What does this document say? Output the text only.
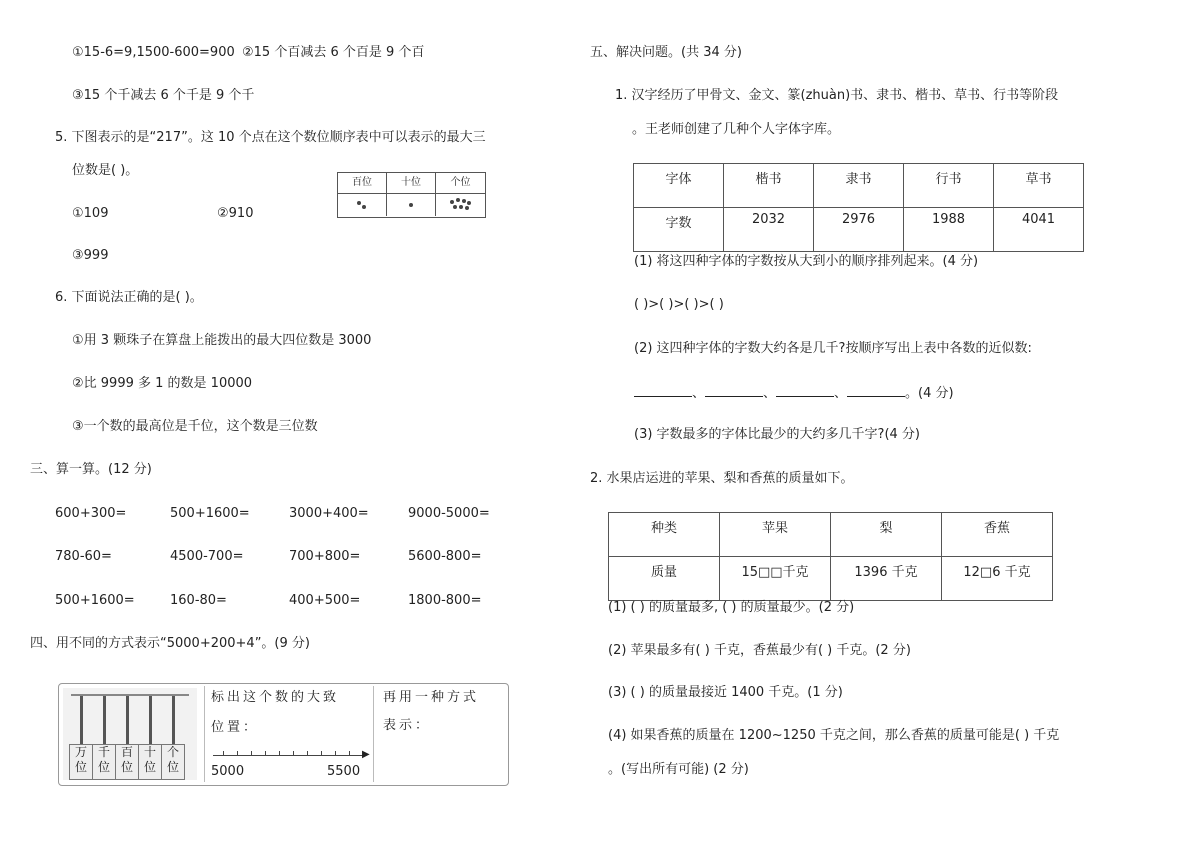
①15-6=9,1500-600=900 ②15 个百减去 6 个百是 9 个百
③15 个千减去 6 个千是 9 个千
5. 下图表示的是“217”。这 10 个点在这个数位顺序表中可以表示的最大三
位数是( )。
百位	十位	个位
①109	②910
③999
6. 下面说法正确的是( )。
①用 3 颗珠子在算盘上能拨出的最大四位数是 3000
②比 9999 多 1 的数是 10000
③一个数的最高位是千位，这个数是三位数
三、算一算。(12 分)
600+300=	500+1600=	3000+400=	9000-5000=
780-60=	4500-700=	700+800=	5600-800=
500+1600=	160-80=	400+500=	1800-800=
四、用不同的方式表示“5000+200+4”。(9 分)
万
位
千
位
百
位
十
位
个
位
标出这个数的大致
位置：
▶
5000	5500
再用一种方式
表示：
五、解决问题。(共 34 分)
1. 汉字经历了甲骨文、金文、篆(zhuàn)书、隶书、楷书、草书、行书等阶段
。王老师创建了几种个人字体字库。
字体	楷书	隶书	行书	草书
字数	2032	2976	1988	4041
(1) 将这四种字体的字数按从大到小的顺序排列起来。(4 分)
( )>( )>( )>( )
(2) 这四种字体的字数大约各是几千?按顺序写出上表中各数的近似数:
、	、	、	。(4 分)
(3) 字数最多的字体比最少的大约多几千字?(4 分)
2. 水果店运进的苹果、梨和香蕉的质量如下。
种类	苹果	梨	香蕉
质量	15□□千克	1396 千克	12□6 千克
(1) ( ) 的质量最多, ( ) 的质量最少。(2 分)
(2) 苹果最多有( ) 千克，香蕉最少有( ) 千克。(2 分)
(3) ( ) 的质量最接近 1400 千克。(1 分)
(4) 如果香蕉的质量在 1200~1250 千克之间，那么香蕉的质量可能是( ) 千克
。(写出所有可能) (2 分)
